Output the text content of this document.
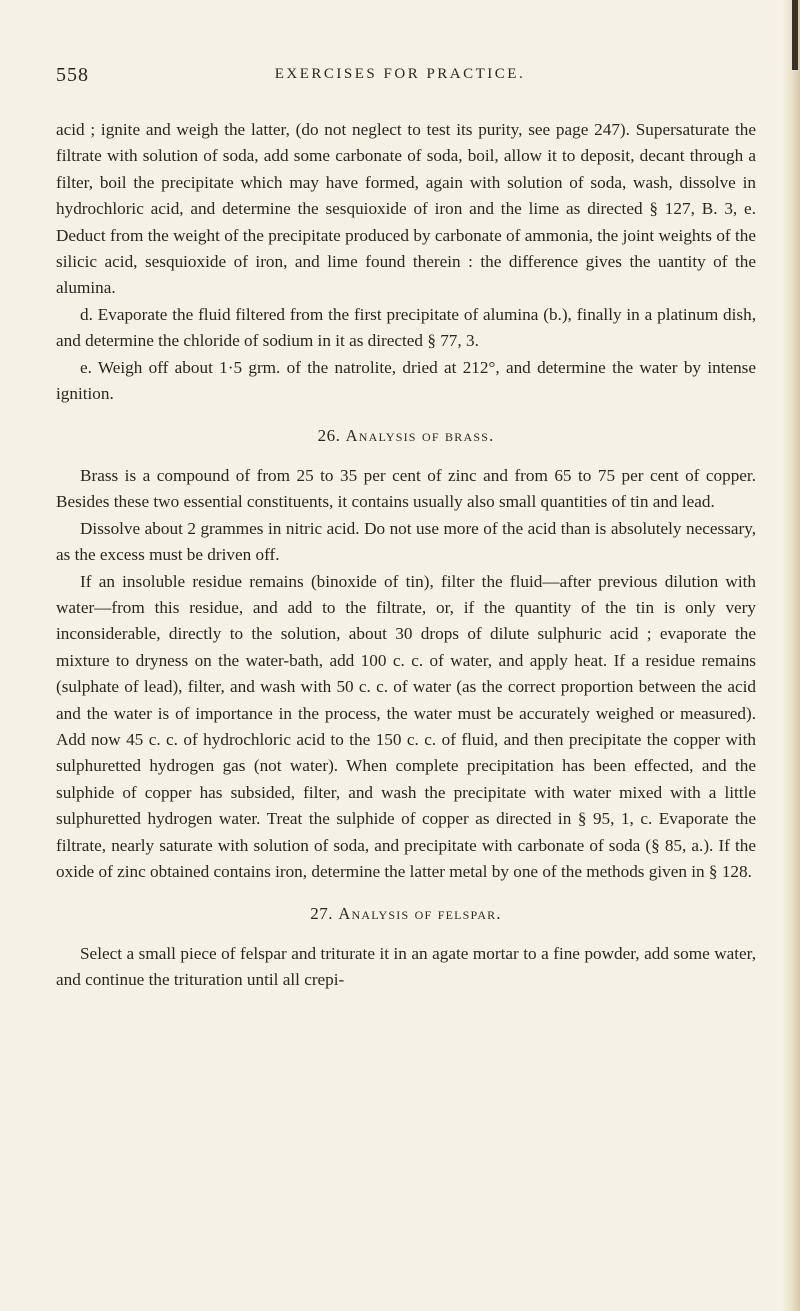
558	EXERCISES FOR PRACTICE.

acid ; ignite and weigh the latter, (do not neglect to test its purity, see page 247). Supersaturate the filtrate with solution of soda, add some carbonate of soda, boil, allow it to deposit, decant through a filter, boil the precipitate which may have formed, again with solution of soda, wash, dissolve in hydrochloric acid, and determine the sesquioxide of iron and the lime as directed § 127, B. 3, e. Deduct from the weight of the precipitate produced by carbonate of ammonia, the joint weights of the silicic acid, sesquioxide of iron, and lime found therein : the difference gives the uantity of the alumina.

d. Evaporate the fluid filtered from the first precipitate of alumina (b.), finally in a platinum dish, and determine the chloride of sodium in it as directed § 77, 3.

e. Weigh off about 1·5 grm. of the natrolite, dried at 212°, and determine the water by intense ignition.

26. Analysis of brass.

Brass is a compound of from 25 to 35 per cent of zinc and from 65 to 75 per cent of copper. Besides these two essential constituents, it contains usually also small quantities of tin and lead.

Dissolve about 2 grammes in nitric acid. Do not use more of the acid than is absolutely necessary, as the excess must be driven off.

If an insoluble residue remains (binoxide of tin), filter the fluid—after previous dilution with water—from this residue, and add to the filtrate, or, if the quantity of the tin is only very inconsiderable, directly to the solution, about 30 drops of dilute sulphuric acid ; evaporate the mixture to dryness on the water-bath, add 100 c. c. of water, and apply heat. If a residue remains (sulphate of lead), filter, and wash with 50 c. c. of water (as the correct proportion between the acid and the water is of importance in the process, the water must be accurately weighed or measured). Add now 45 c. c. of hydrochloric acid to the 150 c. c. of fluid, and then precipitate the copper with sulphuretted hydrogen gas (not water). When complete precipitation has been effected, and the sulphide of copper has subsided, filter, and wash the precipitate with water mixed with a little sulphuretted hydrogen water. Treat the sulphide of copper as directed in § 95, 1, c. Evaporate the filtrate, nearly saturate with solution of soda, and precipitate with carbonate of soda (§ 85, a.). If the oxide of zinc obtained contains iron, determine the latter metal by one of the methods given in § 128.

27. Analysis of felspar.

Select a small piece of felspar and triturate it in an agate mortar to a fine powder, add some water, and continue the trituration until all crepi-
